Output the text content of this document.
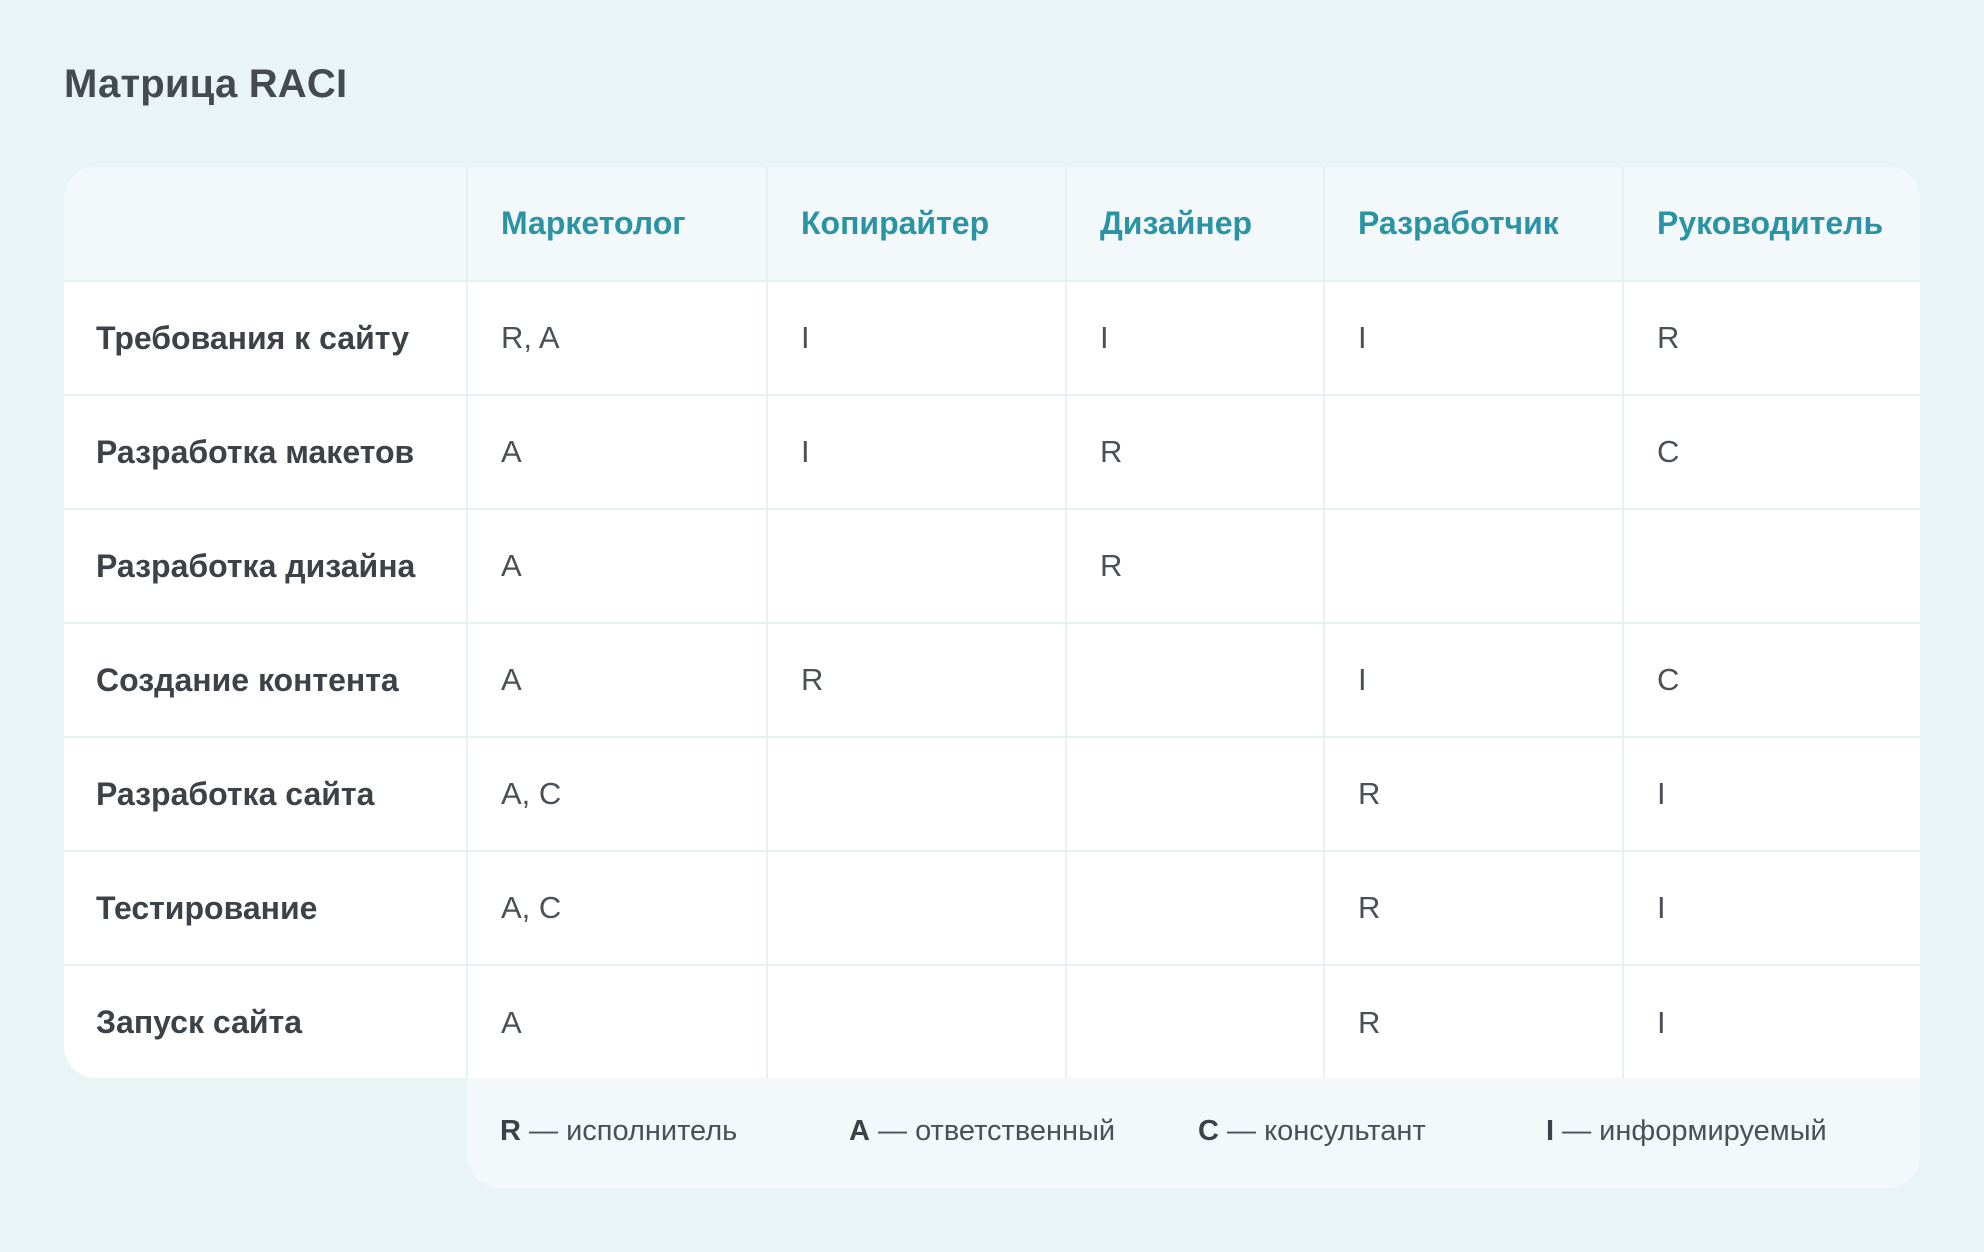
Матрица RACI
	Маркетолог	Копирайтер	Дизайнер	Разработчик	Руководитель
Требования к сайту	R, A	I	I	I	R
Разработка макетов	A	I	R		C
Разработка дизайна	A		R		
Создание контента	A	R		I	C
Разработка сайта	A, C			R	I
Тестирование	A, C			R	I
Запуск сайта	A			R	I
R — исполнитель	A — ответственный	C — консультант	I — информируемый
